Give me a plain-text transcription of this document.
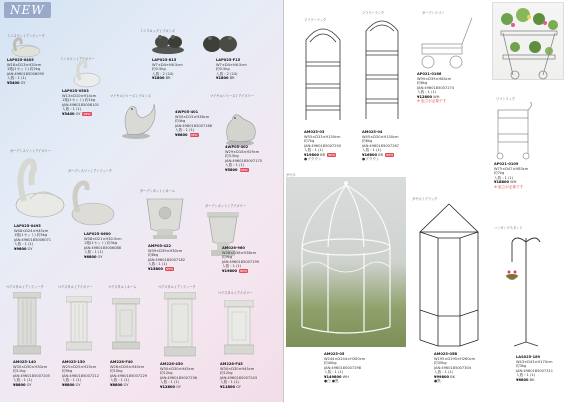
NEW
ミニスワン / アンティーク
LAP025-0405
W18×D13×H20cm
1箱(1セット) 約2kg
JAN:4960185006095
入数 : 1 (1)
¥5400 GY
ミニスワン / アイボリー
LAP025-0503
W13×D10×H14cm
1箱(1セット) 約1kg
JAN:4960185006101
入数 : 1 (1)
¥3400 GY NEW
ミニフロッグ / ブロンズ
LAP025-815
W7×D4×H6.5cm
約0.5kg
入数 : 2 (24)
¥1800 BR
LAP025-F15
W7×D4×H6.5cm
約0.5kg
入数 : 2 (24)
¥1800 BR
マイヤルシリーズ / ブロンズ
4WP05-401
W30×D15×H38cm
約4kg
JAN:4960185007168
入数 : 1 (1)
¥6800 NEW
マイヤルシリーズ / アイボリー
4WP05-402
W29×D18×H29cm
約3.5kg
JAN:4960185007175
入数 : 1 (1)
¥5800 NEW
ガーデンスワン / アイボリー
LAP025-0495
W48×D24×H45cm
1箱(1セット) 約5kg
JAN:4960185006071
入数 : 1 (1)
¥9800 GY
ガーデンスワン / アンティーク
LAP025-0600
W38×D21×H30.5cm
1箱(1セット) 約3kg
JAN:4960185006088
入数 : 1 (1)
¥6800 GY
ガーデンポット / ネーム
AMP05-422
W39×D39×H30cm
約8kg
JAN:4960185007182
入数 : 1 (1)
¥15800 NEW
ガーデンポット / アイボリー
AM026-960
W38×D38×H38cm
約9kg
JAN:4960185007199
入数 : 1 (1)
¥19800 NEW
ペデスタル / アンティーク
AM025-140
W30×D30×H30cm
約11kg
JAN:4960185007205
入数 : 1 (1)
¥8800 GY
ペデスタル / アイボリー
AM025-150
W25×D25×H25cm
約9kg
JAN:4960185007212
入数 : 1 (1)
¥6800 GY
ペデスタル / ネーム
AM226-F40
W26×D26×H40cm
約10kg
JAN:4960185007229
入数 : 1 (1)
¥8800 GY
ペデスタル / アンティーク
AM226-450
W30×D30×H45cm
約12kg
JAN:4960185007236
入数 : 1 (1)
¥12800 GY
ペデスタル / アイボリー
AM226-F45
W30×D30×H45cm
約12kg
JAN:4960185007243
入数 : 1 (1)
¥11800 GY
フラワーラック
AM025-03
W55×D33×H150cm
約7kg
JAN:4960185007250
入数 : 1 (1)
¥19800 BR NEW
●ブラウン
フラワーラック
AM025-04
W45×D30×H150cm
約6kg
JAN:4960185007267
入数 : 1 (1)
¥16800 BR NEW
●ブラウン
ガーデンワゴン
AP021-0166
W95×D39×H84cm
約6kg
JAN:4960185007274
入数 : 1 (1)
¥12800 WH
※ 組立が必要です	ワゴンラック
AP021-0109
W75×D47×H83cm
約7kg
入数 : 1 (1)
¥18800 WH
※ 組立が必要です
ガゼボ
AM025-05
W244×D244×H300cm
約40kg
JAN:4960185007298
入数 : 1 (1)
¥149800 WH
●白 ●黒
ガゼボ / ブラック
AM025-05B
W195×D195×H260cm
約35kg
JAN:4960185007304
入数 : 1 (1)
¥99800 BK
●黒
ハンギングスタンド
LAS025-189
W43×D43×H170cm
約3kg
JAN:4960185007311
入数 : 1 (1)
¥6800 BK
